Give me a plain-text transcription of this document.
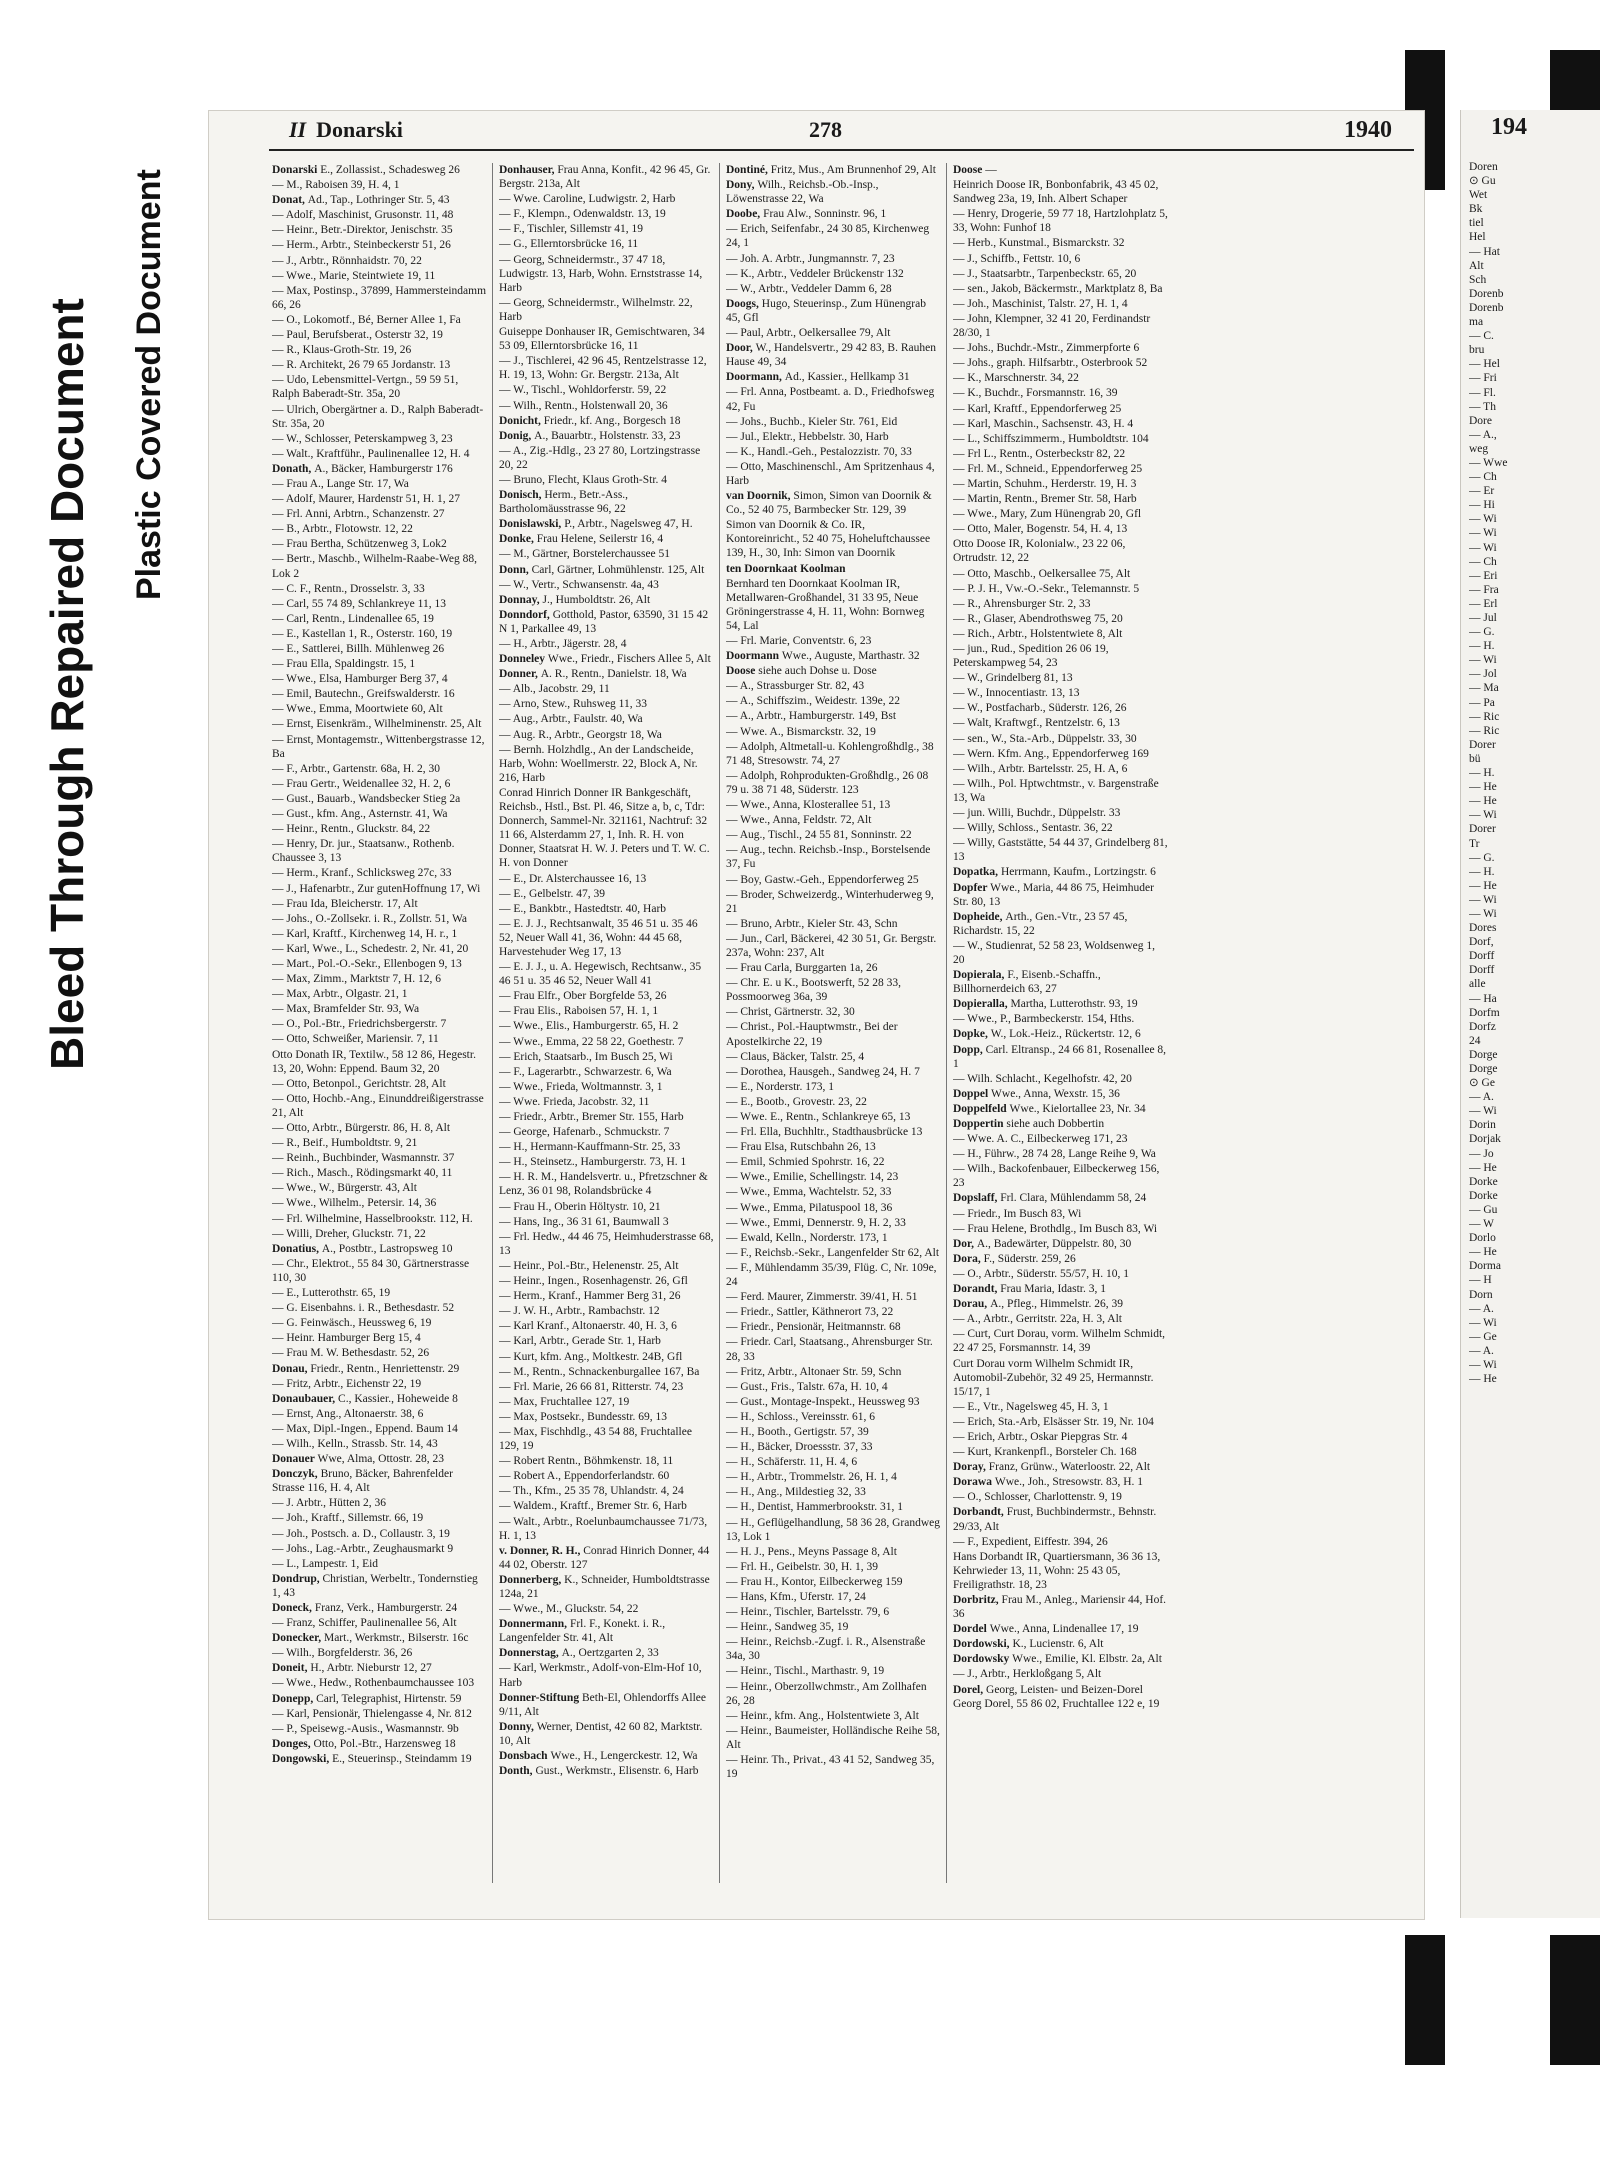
Bleed Through Repaired Document Plastic Covered Document
II Donarski	278	1940
Donarski E., Zollassist., Schadesweg 26
— M., Raboisen 39, H. 4, 1
Donat, Ad., Tap., Lothringer Str. 5, 43
— Adolf, Maschinist, Grusonstr. 11, 48
— Heinr., Betr.-Direktor, Jenischstr. 35
— Herm., Arbtr., Steinbeckerstr 51, 26
— J., Arbtr., Rönnhaidstr. 70, 22
— Wwe., Marie, Steintwiete 19, 11
— Max, Postinsp., 37899, Hammersteindamm 66, 26
— O., Lokomotf., Bé, Berner Allee 1, Fa
— Paul, Berufsberat., Osterstr 32, 19
— R., Klaus-Groth-Str. 19, 26
— R. Architekt, 26 79 65 Jordanstr. 13
— Udo, Lebensmittel-Vertgn., 59 59 51, Ralph Baberadt-Str. 35a, 20
— Ulrich, Obergärtner a. D., Ralph Baberadt-Str. 35a, 20
— W., Schlosser, Peterskampweg 3, 23
— Walt., Kraftführ., Paulinenallee 12, H. 4
Donath, A., Bäcker, Hamburgerstr 176
— Frau A., Lange Str. 17, Wa
— Adolf, Maurer, Hardenstr 51, H. 1, 27
— Frl. Anni, Arbtrn., Schanzenstr. 27
— B., Arbtr., Flotowstr. 12, 22
— Frau Bertha, Schützenweg 3, Lok2
— Bertr., Maschb., Wilhelm-Raabe-Weg 88, Lok 2
— C. F., Rentn., Drosselstr. 3, 33
— Carl, 55 74 89, Schlankreye 11, 13
— Carl, Rentn., Lindenallee 65, 19
— E., Kastellan 1, R., Osterstr. 160, 19
— E., Sattlerei, Billh. Mühlenweg 26
— Frau Ella, Spaldingstr. 15, 1
— Wwe., Elsa, Hamburger Berg 37, 4
— Emil, Bautechn., Greifswalderstr. 16
— Wwe., Emma, Moortwiete 60, Alt
— Ernst, Eisenkräm., Wilhelminenstr. 25, Alt
— Ernst, Montagemstr., Wittenbergstrasse 12, Ba
— F., Arbtr., Gartenstr. 68a, H. 2, 30
— Frau Gertr., Weidenallee 32, H. 2, 6
— Gust., Bauarb., Wandsbecker Stieg 2a
— Gust., kfm. Ang., Asternstr. 41, Wa
— Heinr., Rentn., Gluckstr. 84, 22
— Henry, Dr. jur., Staatsanw., Rothenb. Chaussee 3, 13
— Herm., Kranf., Schlicksweg 27c, 33
— J., Hafenarbtr., Zur gutenHoffnung 17, Wi
— Frau Ida, Bleicherstr. 17, Alt
— Johs., O.-Zollsekr. i. R., Zollstr. 51, Wa
— Karl, Kraftf., Kirchenweg 14, H. r., 1
— Karl, Wwe., L., Schedestr. 2, Nr. 41, 20
— Mart., Pol.-O.-Sekr., Ellenbogen 9, 13
— Max, Zimm., Marktstr 7, H. 12, 6
— Max, Arbtr., Olgastr. 21, 1
— Max, Bramfelder Str. 93, Wa
— O., Pol.-Btr., Friedrichsbergerstr. 7
— Otto, Schweißer, Mariensir. 7, 11
Otto Donath IR, Textilw., 58 12 86, Hegestr. 13, 20, Wohn: Eppend. Baum 32, 20
— Otto, Betonpol., Gerichtstr. 28, Alt
— Otto, Hochb.-Ang., Einunddreißigerstrasse 21, Alt
— Otto, Arbtr., Bürgerstr. 86, H. 8, Alt
— R., Beif., Humboldtstr. 9, 21
— Reinh., Buchbinder, Wasmannstr. 37
— Rich., Masch., Rödingsmarkt 40, 11
— Wwe., W., Bürgerstr. 43, Alt
— Wwe., Wilhelm., Petersir. 14, 36
— Frl. Wilhelmine, Hasselbrookstr. 112, H.
— Willi, Dreher, Gluckstr. 71, 22
Donatius, A., Postbtr., Lastropsweg 10
— Chr., Elektrot., 55 84 30, Gärtnerstrasse 110, 30
— E., Lutterothstr. 65, 19
— G. Eisenbahns. i. R., Bethesdastr. 52
— G. Feinwäsch., Heussweg 6, 19
— Heinr. Hamburger Berg 15, 4
— Frau M. W. Bethesdastr. 52, 26
Donau, Friedr., Rentn., Henriettenstr. 29
— Fritz, Arbtr., Eichenstr 22, 19
Donaubauer, C., Kassier., Hoheweide 8
— Ernst, Ang., Altonaerstr. 38, 6
— Max, Dipl.-Ingen., Eppend. Baum 14
— Wilh., Kelln., Strassb. Str. 14, 43
Donauer Wwe, Alma, Ottostr. 28, 23
Donczyk, Bruno, Bäcker, Bahrenfelder Strasse 116, H. 4, Alt
— J. Arbtr., Hütten 2, 36
— Joh., Kraftf., Sillemstr. 66, 19
— Joh., Postsch. a. D., Collaustr. 3, 19
— Johs., Lag.-Arbtr., Zeughausmarkt 9
— L., Lampestr. 1, Eid
Dondrup, Christian, Werbeltr., Tondernstieg 1, 43
Doneck, Franz, Verk., Hamburgerstr. 24
— Franz, Schiffer, Paulinenallee 56, Alt
Donecker, Mart., Werkmstr., Bilserstr. 16c
— Wilh., Borgfelderstr. 36, 26
Doneit, H., Arbtr. Nieburstr 12, 27
— Wwe., Hedw., Rothenbaumchaussee 103
Donepp, Carl, Telegraphist, Hirtenstr. 59
— Karl, Pensionär, Thielengasse 4, Nr. 812
— P., Speisewg.-Ausis., Wasmannstr. 9b
Donges, Otto, Pol.-Btr., Harzensweg 18
Dongowski, E., Steuerinsp., Steindamm 19
Donhauser, Frau Anna, Konfit., 42 96 45, Gr. Bergstr. 213a, Alt
— Wwe. Caroline, Ludwigstr. 2, Harb
— F., Klempn., Odenwaldstr. 13, 19
— F., Tischler, Sillemstr 41, 19
— G., Ellerntorsbrücke 16, 11
— Georg, Schneidermstr., 37 47 18, Ludwigstr. 13, Harb, Wohn. Ernststrasse 14, Harb
— Georg, Schneidermstr., Wilhelmstr. 22, Harb
Guiseppe Donhauser IR, Gemischtwaren, 34 53 09, Ellerntorsbrücke 16, 11
— J., Tischlerei, 42 96 45, Rentzelstrasse 12, H. 19, 13, Wohn: Gr. Bergstr. 213a, Alt
— W., Tischl., Wohldorferstr. 59, 22
— Wilh., Rentn., Holstenwall 20, 36
Donicht, Friedr., kf. Ang., Borgesch 18
Donig, A., Bauarbtr., Holstenstr. 33, 23
— A., Zig.-Hdlg., 23 27 80, Lortzingstrasse 20, 22
— Bruno, Flecht, Klaus Groth-Str. 4
Donisch, Herm., Betr.-Ass., Bartholomäusstrasse 96, 22
Donislawski, P., Arbtr., Nagelsweg 47, H.
Donke, Frau Helene, Seilerstr 16, 4
— M., Gärtner, Borstelerchaussee 51
Donn, Carl, Gärtner, Lohmühlenstr. 125, Alt
— W., Vertr., Schwansenstr. 4a, 43
Donnay, J., Humboldtstr. 26, Alt
Donndorf, Gotthold, Pastor, 63590, 31 15 42 N 1, Parkallee 49, 13
— H., Arbtr., Jägerstr. 28, 4
Donneley Wwe., Friedr., Fischers Allee 5, Alt
Donner, A. R., Rentn., Danielstr. 18, Wa
— Alb., Jacobstr. 29, 11
— Arno, Stew., Ruhsweg 11, 33
— Aug., Arbtr., Faulstr. 40, Wa
— Aug. R., Arbtr., Georgstr 18, Wa
— Bernh. Holzhdlg., An der Landscheide, Harb, Wohn: Woellmerstr. 22, Block A, Nr. 216, Harb
Conrad Hinrich Donner IR Bankgeschäft, Reichsb., Hstl., Bst. Pl. 46, Sitze a, b, c, Tdr: Donnerch, Sammel-Nr. 321161, Nachtruf: 32 11 66, Alsterdamm 27, 1, Inh. R. H. von Donner, Staatsrat H. W. J. Peters und T. W. C. H. von Donner
— E., Dr. Alsterchaussee 16, 13
— E., Gelbelstr. 47, 39
— E., Bankbtr., Hastedtstr. 40, Harb
— E. J. J., Rechtsanwalt, 35 46 51 u. 35 46 52, Neuer Wall 41, 36, Wohn: 44 45 68, Harvestehuder Weg 17, 13
— E. J. J., u. A. Hegewisch, Rechtsanw., 35 46 51 u. 35 46 52, Neuer Wall 41
— Frau Elfr., Ober Borgfelde 53, 26
— Frau Elis., Raboisen 57, H. 1, 1
— Wwe., Elis., Hamburgerstr. 65, H. 2
— Wwe., Emma, 22 58 22, Goethestr. 7
— Erich, Staatsarb., Im Busch 25, Wi
— F., Lagerarbtr., Schwarzestr. 6, Wa
— Wwe., Frieda, Woltmannstr. 3, 1
— Wwe. Frieda, Jacobstr. 32, 11
— Friedr., Arbtr., Bremer Str. 155, Harb
— George, Hafenarb., Schmuckstr. 7
— H., Hermann-Kauffmann-Str. 25, 33
— H., Steinsetz., Hamburgerstr. 73, H. 1
— H. R. M., Handelsvertr. u., Pfretzschner & Lenz, 36 01 98, Rolandsbrücke 4
— Frau H., Oberin Höltystr. 10, 21
— Hans, Ing., 36 31 61, Baumwall 3
— Frl. Hedw., 44 46 75, Heimhuderstrasse 68, 13
— Heinr., Pol.-Btr., Helenenstr. 25, Alt
— Heinr., Ingen., Rosenhagenstr. 26, Gfl
— Herm., Kranf., Hammer Berg 31, 26
— J. W. H., Arbtr., Rambachstr. 12
— Karl Kranf., Altonaerstr. 40, H. 3, 6
— Karl, Arbtr., Gerade Str. 1, Harb
— Kurt, kfm. Ang., Moltkestr. 24B, Gfl
— M., Rentn., Schnackenburgallee 167, Ba
— Frl. Marie, 26 66 81, Ritterstr. 74, 23
— Max, Fruchtallee 127, 19
— Max, Postsekr., Bundesstr. 69, 13
— Max, Fischhdlg., 43 54 88, Fruchtallee 129, 19
— Robert Rentn., Böhmkenstr. 18, 11
— Robert A., Eppendorferlandstr. 60
— Th., Kfm., 25 35 78, Uhlandstr. 4, 24
— Waldem., Kraftf., Bremer Str. 6, Harb
— Walt., Arbtr., Roelunbaumchaussee 71/73, H. 1, 13
v. Donner, R. H., Conrad Hinrich Donner, 44 44 02, Oberstr. 127
Donnerberg, K., Schneider, Humboldtstrasse 124a, 21
— Wwe., M., Gluckstr. 54, 22
Donnermann, Frl. F., Konekt. i. R., Langenfelder Str. 41, Alt
Donnerstag, A., Oertzgarten 2, 33
— Karl, Werkmstr., Adolf-von-Elm-Hof 10, Harb
Donner-Stiftung Beth-El, Ohlendorffs Allee 9/11, Alt
Donny, Werner, Dentist, 42 60 82, Marktstr. 10, Alt
Donsbach Wwe., H., Lengerckestr. 12, Wa
Donth, Gust., Werkmstr., Elisenstr. 6, Harb
Dontiné, Fritz, Mus., Am Brunnenhof 29, Alt
Dony, Wilh., Reichsb.-Ob.-Insp., Löwenstrasse 22, Wa
Doobe, Frau Alw., Sonninstr. 96, 1
— Erich, Seifenfabr., 24 30 85, Kirchenweg 24, 1
— Joh. A. Arbtr., Jungmannstr. 7, 23
— K., Arbtr., Veddeler Brückenstr 132
— W., Arbtr., Veddeler Damm 6, 28
Doogs, Hugo, Steuerinsp., Zum Hünengrab 45, Gfl
— Paul, Arbtr., Oelkersallee 79, Alt
Door, W., Handelsvertr., 29 42 83, B. Rauhen Hause 49, 34
Doormann, Ad., Kassier., Hellkamp 31
— Frl. Anna, Postbeamt. a. D., Friedhofsweg 42, Fu
— Johs., Buchb., Kieler Str. 761, Eid
— Jul., Elektr., Hebbelstr. 30, Harb
— K., Handl.-Geh., Pestalozzistr. 70, 33
— Otto, Maschinenschl., Am Spritzenhaus 4, Harb
van Doornik, Simon, Simon van Doornik & Co., 52 40 75, Barmbecker Str. 129, 39
Simon van Doornik & Co. IR, Kontoreinricht., 52 40 75, Hoheluftchaussee 139, H., 30, Inh: Simon van Doornik
ten Doornkaat Koolman
Bernhard ten Doornkaat Koolman IR, Metallwaren-Großhandel, 31 33 95, Neue Gröningerstrasse 4, H. 11, Wohn: Bornweg 54, Lal
— Frl. Marie, Conventstr. 6, 23
Doormann Wwe., Auguste, Marthastr. 32
Doose siehe auch Dohse u. Dose
— A., Strassburger Str. 82, 43
— A., Schiffszim., Weidestr. 139e, 22
— A., Arbtr., Hamburgerstr. 149, Bst
— Wwe. A., Bismarckstr. 32, 19
— Adolph, Altmetall-u. Kohlengroßhdlg., 38 71 48, Stresowstr. 74, 27
— Adolph, Rohprodukten-Großhdlg., 26 08 79 u. 38 71 48, Süderstr. 123
— Wwe., Anna, Klosterallee 51, 13
— Wwe., Anna, Feldstr. 72, Alt
— Aug., Tischl., 24 55 81, Sonninstr. 22
— Aug., techn. Reichsb.-Insp., Borstelsende 37, Fu
— Boy, Gastw.-Geh., Eppendorferweg 25
— Broder, Schweizerdg., Winterhuderweg 9, 21
— Bruno, Arbtr., Kieler Str. 43, Schn
— Jun., Carl, Bäckerei, 42 30 51, Gr. Bergstr. 237a, Wohn: 237, Alt
— Frau Carla, Burggarten 1a, 26
— Chr. E. u K., Bootswerft, 52 28 33, Possmoorweg 36a, 39
— Christ, Gärtnerstr. 32, 30
— Christ., Pol.-Hauptwmstr., Bei der Apostelkirche 22, 19
— Claus, Bäcker, Talstr. 25, 4
— Dorothea, Hausgeh., Sandweg 24, H. 7
— E., Norderstr. 173, 1
— E., Bootb., Grovestr. 23, 22
— Wwe. E., Rentn., Schlankreye 65, 13
— Frl. Ella, Buchhltr., Stadthausbrücke 13
— Frau Elsa, Rutschbahn 26, 13
— Emil, Schmied Spohrstr. 16, 22
— Wwe., Emilie, Schellingstr. 14, 23
— Wwe., Emma, Wachtelstr. 52, 33
— Wwe., Emma, Pilatuspool 18, 36
— Wwe., Emmi, Dennerstr. 9, H. 2, 33
— Ewald, Kelln., Norderstr. 173, 1
— F., Reichsb.-Sekr., Langenfelder Str 62, Alt
— F., Mühlendamm 35/39, Flüg. C, Nr. 109e, 24
— Ferd. Maurer, Zimmerstr. 39/41, H. 51
— Friedr., Sattler, Käthnerort 73, 22
— Friedr., Pensionär, Heitmannstr. 68
— Friedr. Carl, Staatsang., Ahrensburger Str. 28, 33
— Fritz, Arbtr., Altonaer Str. 59, Schn
— Gust., Fris., Talstr. 67a, H. 10, 4
— Gust., Montage-Inspekt., Heussweg 93
— H., Schloss., Vereinsstr. 61, 6
— H., Booth., Gertigstr. 57, 39
— H., Bäcker, Droessstr. 37, 33
— H., Schäferstr. 11, H. 4, 6
— H., Arbtr., Trommelstr. 26, H. 1, 4
— H., Ang., Mildestieg 32, 33
— H., Dentist, Hammerbrookstr. 31, 1
— H., Geflügelhandlung, 58 36 28, Grandweg 13, Lok 1
— H. J., Pens., Meyns Passage 8, Alt
— Frl. H., Geibelstr. 30, H. 1, 39
— Frau H., Kontor, Eilbeckerweg 159
— Hans, Kfm., Uferstr. 17, 24
— Heinr., Tischler, Bartelsstr. 79, 6
— Heinr., Sandweg 35, 19
— Heinr., Reichsb.-Zugf. i. R., Alsenstraße 34a, 30
— Heinr., Tischl., Marthastr. 9, 19
— Heinr., Oberzollwchmstr., Am Zollhafen 26, 28
— Heinr., kfm. Ang., Holstentwiete 3, Alt
— Heinr., Baumeister, Holländische Reihe 58, Alt
— Heinr. Th., Privat., 43 41 52, Sandweg 35, 19
Doose —
Heinrich Doose IR, Bonbonfabrik, 43 45 02, Sandweg 23a, 19, Inh. Albert Schaper
— Henry, Drogerie, 59 77 18, Hartzlohplatz 5, 33, Wohn: Funhof 18
— Herb., Kunstmal., Bismarckstr. 32
— J., Schiffb., Fettstr. 10, 6
— J., Staatsarbtr., Tarpenbeckstr. 65, 20
— sen., Jakob, Bäckermstr., Marktplatz 8, Ba
— Joh., Maschinist, Talstr. 27, H. 1, 4
— John, Klempner, 32 41 20, Ferdinandstr 28/30, 1
— Johs., Buchdr.-Mstr., Zimmerpforte 6
— Johs., graph. Hilfsarbtr., Osterbrook 52
— K., Marschnerstr. 34, 22
— K., Buchdr., Forsmannstr. 16, 39
— Karl, Kraftf., Eppendorferweg 25
— Karl, Maschin., Sachsenstr. 43, H. 4
— L., Schiffszimmerm., Humboldtstr. 104
— Frl L., Rentn., Osterbeckstr 82, 22
— Frl. M., Schneid., Eppendorferweg 25
— Martin, Schuhm., Herderstr. 19, H. 3
— Martin, Rentn., Bremer Str. 58, Harb
— Wwe., Mary, Zum Hünengrab 20, Gfl
— Otto, Maler, Bogenstr. 54, H. 4, 13
Otto Doose IR, Kolonialw., 23 22 06, Ortrudstr. 12, 22
— Otto, Maschb., Oelkersallee 75, Alt
— P. J. H., Vw.-O.-Sekr., Telemannstr. 5
— R., Ahrensburger Str. 2, 33
— R., Glaser, Abendrothsweg 75, 20
— Rich., Arbtr., Holstentwiete 8, Alt
— jun., Rud., Spedition 26 06 19, Peterskampweg 54, 23
— W., Grindelberg 81, 13
— W., Innocentiastr. 13, 13
— W., Postfacharb., Süderstr. 126, 26
— Walt, Kraftwgf., Rentzelstr. 6, 13
— sen., W., Sta.-Arb., Düppelstr. 33, 30
— Wern. Kfm. Ang., Eppendorferweg 169
— Wilh., Arbtr. Bartelsstr. 25, H. A, 6
— Wilh., Pol. Hptwchtmstr., v. Bargenstraße 13, Wa
— jun. Willi, Buchdr., Düppelstr. 33
— Willy, Schloss., Sentastr. 36, 22
— Willy, Gaststätte, 54 44 37, Grindelberg 81, 13
Dopatka, Herrmann, Kaufm., Lortzingstr. 6
Dopfer Wwe., Maria, 44 86 75, Heimhuder Str. 80, 13
Dopheide, Arth., Gen.-Vtr., 23 57 45, Richardstr. 15, 22
— W., Studienrat, 52 58 23, Woldsenweg 1, 20
Dopierala, F., Eisenb.-Schaffn., Billhornerdeich 63, 27
Dopieralla, Martha, Lutterothstr. 93, 19
— Wwe., P., Barmbeckerstr. 154, Hths.
Dopke, W., Lok.-Heiz., Rückertstr. 12, 6
Dopp, Carl. Eltransp., 24 66 81, Rosenallee 8, 1
— Wilh. Schlacht., Kegelhofstr. 42, 20
Doppel Wwe., Anna, Wexstr. 15, 36
Doppelfeld Wwe., Kielortallee 23, Nr. 34
Doppertin siehe auch Dobbertin
— Wwe. A. C., Eilbeckerweg 171, 23
— H., Führw., 28 74 28, Lange Reihe 9, Wa
— Wilh., Backofenbauer, Eilbeckerweg 156, 23
Dopslaff, Frl. Clara, Mühlendamm 58, 24
— Friedr., Im Busch 83, Wi
— Frau Helene, Brothdlg., Im Busch 83, Wi
Dor, A., Badewärter, Düppelstr. 80, 30
Dora, F., Süderstr. 259, 26
— O., Arbtr., Süderstr. 55/57, H. 10, 1
Dorandt, Frau Maria, Idastr. 3, 1
Dorau, A., Pfleg., Himmelstr. 26, 39
— A., Arbtr., Gerritstr. 22a, H. 3, Alt
— Curt, Curt Dorau, vorm. Wilhelm Schmidt, 22 47 25, Forsmannstr. 14, 39
Curt Dorau vorm Wilhelm Schmidt IR, Automobil-Zubehör, 32 49 25, Hermannstr. 15/17, 1
— E., Vtr., Nagelsweg 45, H. 3, 1
— Erich, Sta.-Arb, Elsässer Str. 19, Nr. 104
— Erich, Arbtr., Oskar Piepgras Str. 4
— Kurt, Krankenpfl., Borsteler Ch. 168
Doray, Franz, Grünw., Waterloostr. 22, Alt
Dorawa Wwe., Joh., Stresowstr. 83, H. 1
— O., Schlosser, Charlottenstr. 9, 19
Dorbandt, Frust, Buchbindermstr., Behnstr. 29/33, Alt
— F., Expedient, Eiffestr. 394, 26
Hans Dorbandt IR, Quartiersmann, 36 36 13, Kehrwieder 13, 11, Wohn: 25 43 05, Freiligrathstr. 18, 23
Dorbritz, Frau M., Anleg., Mariensir 44, Hof. 36
Dordel Wwe., Anna, Lindenallee 17, 19
Dordowski, K., Lucienstr. 6, Alt
Dordowsky Wwe., Emilie, Kl. Elbstr. 2a, Alt
— J., Arbtr., Herkloßgang 5, Alt
Dorel, Georg, Leisten- und Beizen-Dorel Georg Dorel, 55 86 02, Fruchtallee 122 e, 19
194
Doren
⊙ Gu
Wet
Bk
tiel
Hel
— Hat
Alt
Sch
Dorenb
Dorenb
ma
— C.
bru
— Hel
— Fri
— Fl.
— Th
Dore
— A.,
weg
— Wwe
— Ch
— Er
— Hi
— Wi
— Wi
— Wi
— Ch
— Eri
— Fra
— Erl
— Jul
— G.
— H.
— Wi
— Jol
— Ma
— Pa
— Ric
— Ric
Dorer
bü
— H.
— He
— He
— Wi
Dorer
Tr
— G.
— H.
— He
— Wi
— Wi
Dores
Dorf,
Dorff
Dorff
alle
— Ha
Dorfm
Dorfz
24
Dorge
Dorge
⊙ Ge
— A.
— Wi
Dorin
Dorjak
— Jo
— He
Dorke
Dorke
— Gu
— W
Dorlo
— He
Dorma
— H
Dorn
— A.
— Wi
— Ge
— A.
— Wi
— He
